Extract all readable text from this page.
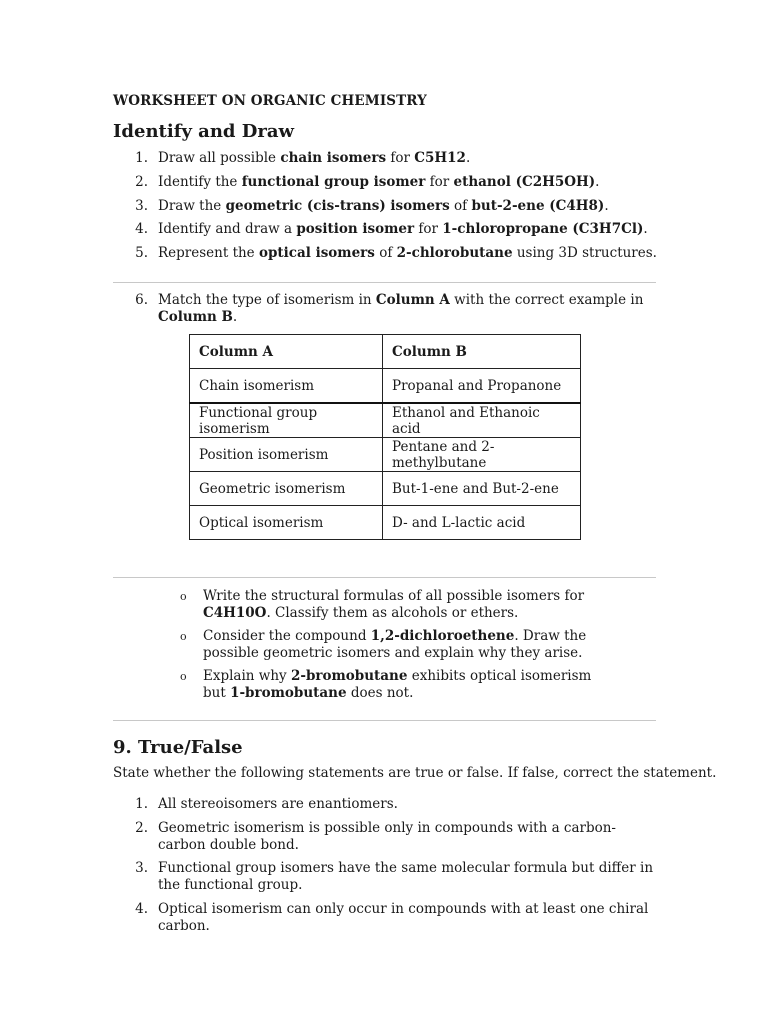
WORKSHEET ON ORGANIC CHEMISTRY
Identify and Draw
1. Draw all possible chain isomers for C5H12.
2. Identify the functional group isomer for ethanol (C2H5OH).
3. Draw the geometric (cis-trans) isomers of but-2-ene (C4H8).
4. Identify and draw a position isomer for 1-chloropropane (C3H7Cl).
5. Represent the optical isomers of 2-chlorobutane using 3D structures.
6. Match the type of isomerism in Column A with the correct example in Column B.
Column A	Column B
Chain isomerism	Propanal and Propanone
Functional group isomerism	Ethanol and Ethanoic acid
Position isomerism	Pentane and 2-methylbutane
Geometric isomerism	But-1-ene and But-2-ene
Optical isomerism	D- and L-lactic acid
o Write the structural formulas of all possible isomers for C4H10O. Classify them as alcohols or ethers.
o Consider the compound 1,2-dichloroethene. Draw the possible geometric isomers and explain why they arise.
o Explain why 2-bromobutane exhibits optical isomerism but 1-bromobutane does not.
9. True/False
State whether the following statements are true or false. If false, correct the statement.
1. All stereoisomers are enantiomers.
2. Geometric isomerism is possible only in compounds with a carbon-carbon double bond.
3. Functional group isomers have the same molecular formula but differ in the functional group.
4. Optical isomerism can only occur in compounds with at least one chiral carbon.
